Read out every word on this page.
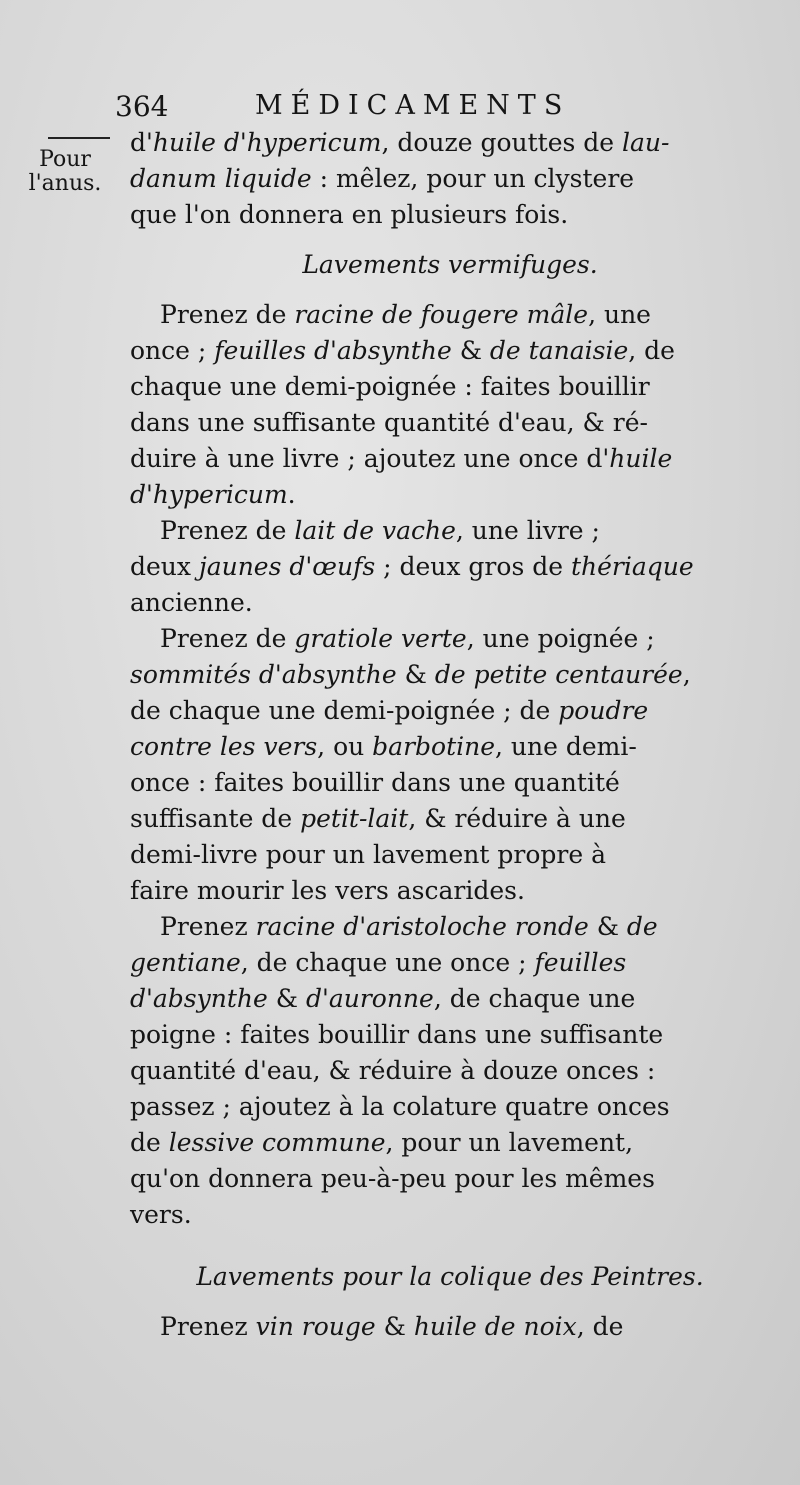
364	MÉDICAMENTS
Pour
l'anus.
d'huile d'hypericum, douze gouttes de lau-
danum liquide : mêlez, pour un clystere
que l'on donnera en plusieurs fois.
Lavements vermifuges.
Prenez de racine de fougere mâle, une
once ; feuilles d'absynthe & de tanaisie, de
chaque une demi-poignée : faites bouillir
dans une suffisante quantité d'eau, & ré-
duire à une livre ; ajoutez une once d'huile
d'hypericum.
Prenez de lait de vache, une livre ;
deux jaunes d'œufs ; deux gros de thériaque
ancienne.
Prenez de gratiole verte, une poignée ;
sommités d'absynthe & de petite centaurée,
de chaque une demi-poignée ; de poudre
contre les vers, ou barbotine, une demi-
once : faites bouillir dans une quantité
suffisante de petit-lait, & réduire à une
demi-livre pour un lavement propre à
faire mourir les vers ascarides.
Prenez racine d'aristoloche ronde & de
gentiane, de chaque une once ; feuilles
d'absynthe & d'auronne, de chaque une
poigne : faites bouillir dans une suffisante
quantité d'eau, & réduire à douze onces :
passez ; ajoutez à la colature quatre onces
de lessive commune, pour un lavement,
qu'on donnera peu-à-peu pour les mêmes
vers.
Lavements pour la colique des Peintres.
Prenez vin rouge & huile de noix, de
